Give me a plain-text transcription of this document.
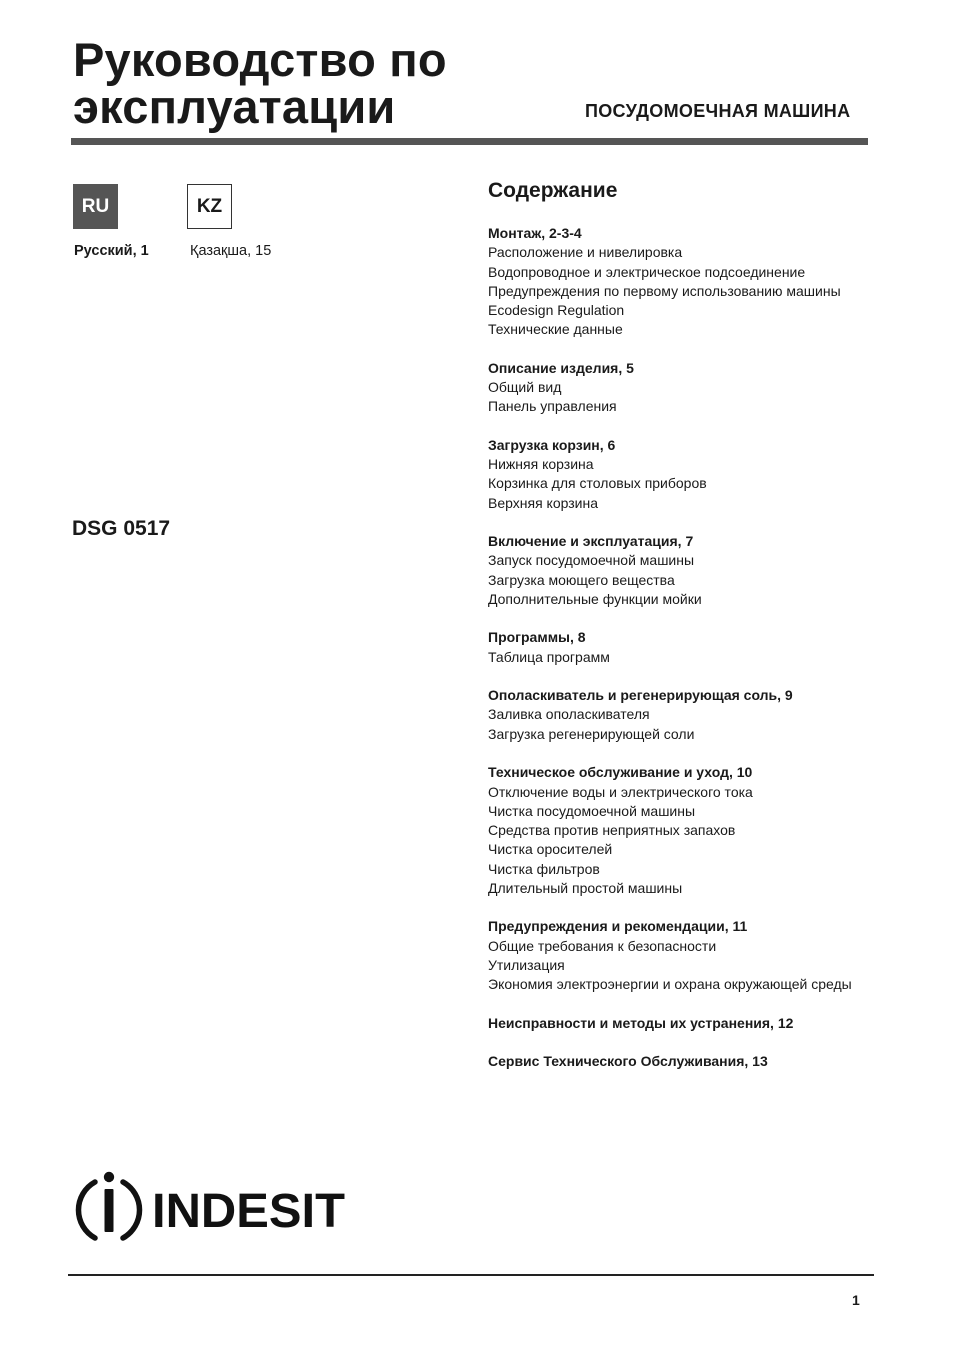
Руководство по
эксплуатации	ПОСУДОМОЕЧНАЯ МАШИНА
RU	KZ
Русский, 1	Қазақша, 15
DSG 0517
Содержание
Монтаж, 2-3-4
Расположение и нивелировка
Водопроводное и электрическое подсоединение
Предупреждения по первому использованию машины
Ecodesign Regulation
Технические данные
Описание изделия, 5
Общий вид
Панель управления
Загрузка корзин, 6
Нижняя корзина
Корзинка для столовых приборов
Верхняя корзина
Включение и эксплуатация, 7
Запуск посудомоечной машины
Загрузка моющего вещества
Дополнительные функции мойки
Программы, 8
Таблица программ
Ополаскиватель и регенерирующая соль, 9
Заливка ополаскивателя
Загрузка регенерирующей соли
Техническое обслуживание и уход, 10
Отключение воды и электрического тока
Чистка посудомоечной машины
Средства против неприятных запахов
Чистка оросителей
Чистка фильтров
Длительный простой машины
Предупреждения и рекомендации, 11
Общие требования к безопасности
Утилизация
Экономия электроэнергии и охрана окружающей среды
Неисправности и методы их устранения, 12
Сервис Технического Обслуживания, 13
INDESIT
1
